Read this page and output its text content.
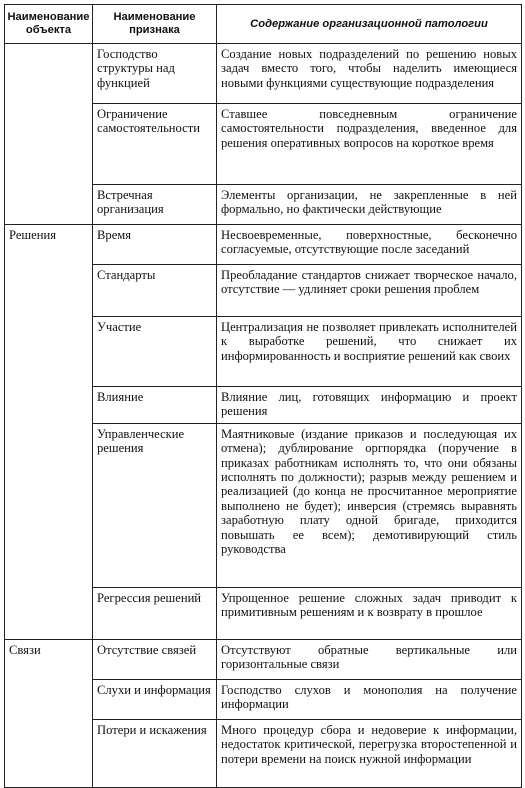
Наименование объекта	Наименование признака	Содержание организационной патологии
	Господство структуры над функцией	Создание новых подразделений по решению новых задач вместо того, чтобы наделить имеющиеся новыми функциями существующие подразделения
	Ограничение самостоятельности	Ставшее повседневным ограничение самостоятельности подразделения, введенное для решения оперативных вопросов на короткое время
	Встречная организация	Элементы организации, не закрепленные в ней формально, но фактически действующие
Решения	Время	Несвоевременные, поверхностные, бесконечно согласуемые, отсутствующие после заседаний
	Стандарты	Преобладание стандартов снижает творческое начало, отсутствие — удлиняет сроки решения проблем
	Участие	Централизация не позволяет привлекать исполнителей к выработке решений, что снижает их информированность и восприятие решений как своих
	Влияние	Влияние лиц, готовящих информацию и проект решения
	Управленческие решения	Маятниковые (издание приказов и последующая их отмена); дублирование оргпорядка (поручение в приказах работникам исполнять то, что они обязаны исполнять по должности); разрыв между решением и реализацией (до конца не просчитанное мероприятие выполнено не будет); инверсия (стремясь выравнять заработную плату одной бригаде, приходится повышать ее всем); демотивирующий стиль руководства
	Регрессия решений	Упрощенное решение сложных задач приводит к примитивным решениям и к возврату в прошлое
Связи	Отсутствие связей	Отсутствуют обратные вертикальные или горизонтальные связи
	Слухи и информация	Господство слухов и монополия на получение информации
	Потери и искажения	Много процедур сбора и недоверие к информации, недостаток критической, перегрузка второстепенной и потери времени на поиск нужной информации
